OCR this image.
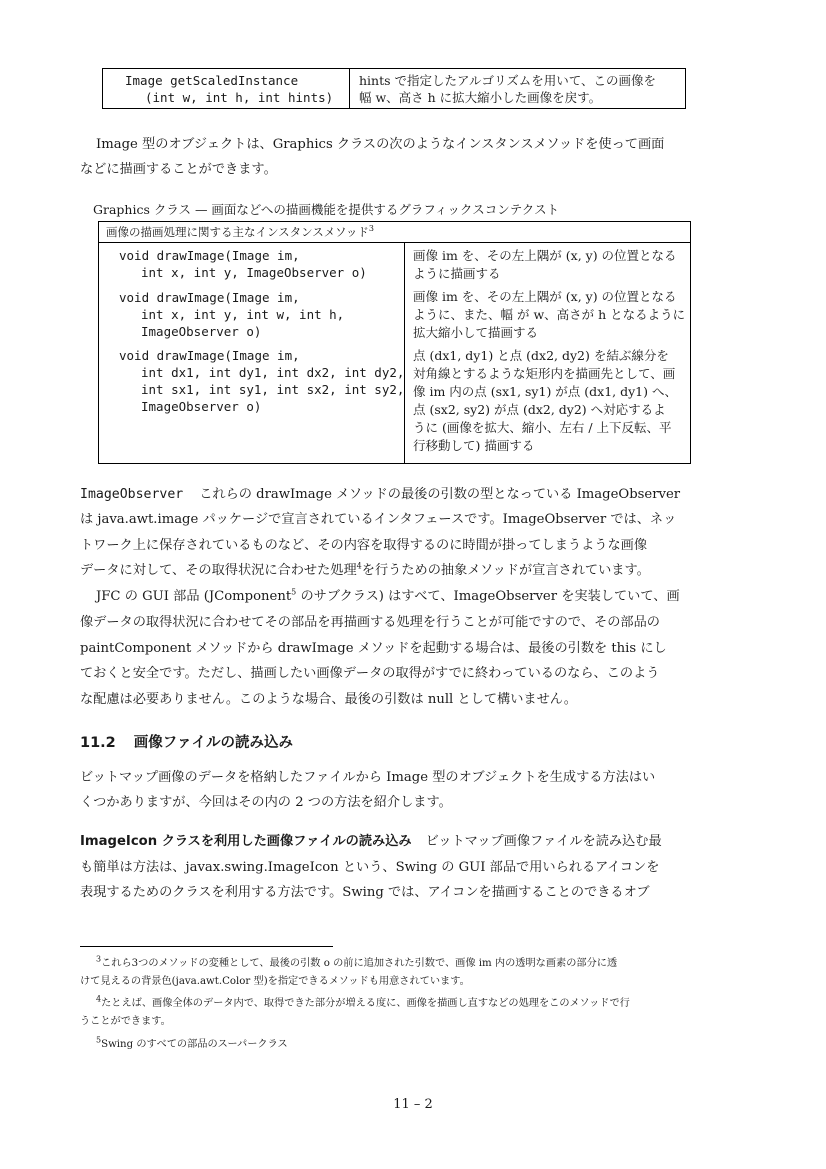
Image getScaledInstance
(int w, int h, int hints)
hints で指定したアルゴリズムを用いて、この画像を
幅 w、高さ h に拡大縮小した画像を戻す。
Image 型のオブジェクトは、Graphics クラスの次のようなインスタンスメソッドを使って画面
などに描画することができます。
Graphics クラス — 画面などへの描画機能を提供するグラフィックスコンテクスト
画像の描画処理に関する主なインスタンスメソッド$^3$
void drawImage(Image im,
int x, int y, ImageObserver o)
画像 im を、その左上隅が (x, y) の位置となる
ように描画する
void drawImage(Image im,
int x, int y, int w, int h,
ImageObserver o)
画像 im を、その左上隅が (x, y) の位置となる
ように、また、幅 が w、高さが h となるように
拡大縮小して描画する
void drawImage(Image im,
int dx1, int dy1, int dx2, int dy2,
int sx1, int sy1, int sx2, int sy2,
ImageObserver o)
点 (dx1, dy1) と点 (dx2, dy2) を結ぶ線分を
対角線とするような矩形内を描画先として、画
像 im 内の点 (sx1, sy1) が点 (dx1, dy1) へ、
点 (sx2, sy2) が点 (dx2, dy2) へ対応するよ
うに (画像を拡大、縮小、左右 / 上下反転、平
行移動して) 描画する
ImageObserver これらの drawImage メソッドの最後の引数の型となっている ImageObserver
は java.awt.image パッケージで宣言されているインタフェースです。ImageObserver では、ネッ
トワーク上に保存されているものなど、その内容を取得するのに時間が掛ってしまうような画像
データに対して、その取得状況に合わせた処理$^4$を行うための抽象メソッドが宣言されています。
JFC の GUI 部品 (JComponent$^5$ のサブクラス) はすべて、ImageObserver を実装していて、画
像データの取得状況に合わせてその部品を再描画する処理を行うことが可能ですので、その部品の
paintComponent メソッドから drawImage メソッドを起動する場合は、最後の引数を this にし
ておくと安全です。ただし、描画したい画像データの取得がすでに終わっているのなら、このよう
な配慮は必要ありません。このような場合、最後の引数は null として構いません。
11.2 画像ファイルの読み込み
ビットマップ画像のデータを格納したファイルから Image 型のオブジェクトを生成する方法はい
くつかありますが、今回はその内の 2 つの方法を紹介します。
ImageIcon クラスを利用した画像ファイルの読み込み ビットマップ画像ファイルを読み込む最
も簡単は方法は、javax.swing.ImageIcon という、Swing の GUI 部品で用いられるアイコンを
表現するためのクラスを利用する方法です。Swing では、アイコンを描画することのできるオブ
$^3$これら3つのメソッドの変種として、最後の引数 o の前に追加された引数で、画像 im 内の透明な画素の部分に透
けて見えるの背景色(java.awt.Color 型)を指定できるメソッドも用意されています。
$^4$たとえば、画像全体のデータ内で、取得できた部分が増える度に、画像を描画し直すなどの処理をこのメソッドで行
うことができます。
$^5$Swing のすべての部品のスーパークラス
11 – 2
